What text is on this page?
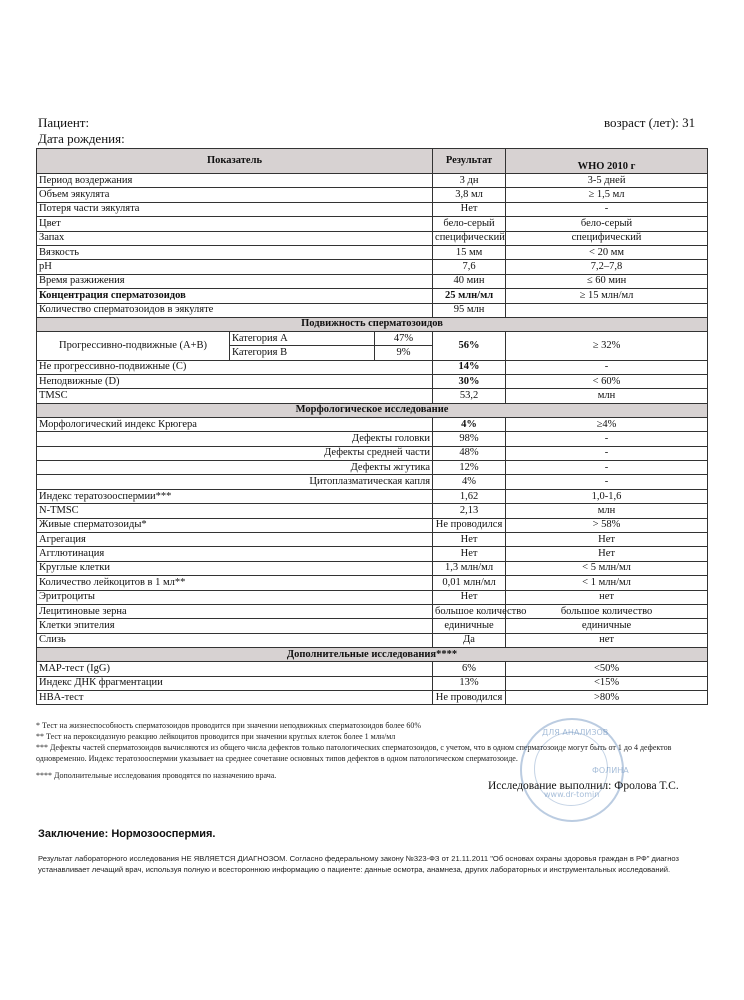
Пациент:	возраст (лет): 31
Дата рождения:
Показатель			Результат	WHO 2010 г
Период воздержания			3 дн	3-5 дней
Объем эякулята			3,8 мл	≥ 1,5 мл
Потеря части эякулята			Нет	-
Цвет			бело-серый	бело-серый
Запах			специфический	специфический
Вязкость			15 мм	< 20 мм
pH			7,6	7,2–7,8
Время разжижения			40 мин	≤ 60 мин
Концентрация сперматозоидов			25 млн/мл	≥ 15 млн/мл
Количество сперматозоидов в эякуляте			95 млн	
Подвижность сперматозоидов				
Прогрессивно-подвижные (А+В)	Категория А	47%	56%	≥ 32%
	Категория В	9%		
Не прогрессивно-подвижные (С)			14%	-
Неподвижные (D)			30%	< 60%
TMSC			53,2	млн
Морфологическое исследование				
Морфологический индекс Крюгера			4%	≥4%
Дефекты головки			98%	-
Дефекты средней части			48%	-
Дефекты жгутика			12%	-
Цитоплазматическая капля			4%	-
Индекс тератозооспермии***			1,62	1,0-1,6
N-TMSC			2,13	млн
Живые сперматозоиды*			Не проводился	> 58%
Агрегация			Нет	Нет
Агглютинация			Нет	Нет
Круглые клетки			1,3 млн/мл	< 5 млн/мл
Количество лейкоцитов в 1 мл**			0,01 млн/мл	< 1 млн/мл
Эритроциты			Нет	нет
Лецитиновые зерна			большое количество	большое количество
Клетки эпителия			единичные	единичные
Слизь			Да	нет
Дополнительные исследования****				
MAP-тест (IgG)			6%	<50%
Индекс ДНК фрагментации			13%	<15%
HBA-тест			Не проводился	>80%

* Тест на жизнеспособность сперматозоидов проводится при значении неподвижных сперматозоидов более 60%

** Тест на пероксидазную реакцию лейкоцитов проводится при значении круглых клеток более 1 млн/мл

*** Дефекты частей сперматозоидов вычисляются из общего числа дефектов только патологических сперматозоидов, с учетом, что в одном сперматозоиде могут быть от 1 до 4 дефектов одновременно. Индекс тератозооспермии указывает на среднее сочетание основных типов дефектов в одном патологическом сперматозоиде.

**** Дополнительные исследования проводятся по назначению врача.

ДЛЯ АНАЛИЗОВ
ФОЛИНА
www.dr-tomin
Исследование выполнил: Фролова Т.С.
Заключение: Нормозооспермия.
Результат лабораторного исследования НЕ ЯВЛЯЕТСЯ ДИАГНОЗОМ. Согласно федеральному закону №323-ФЗ от 21.11.2011 "Об основах охраны здоровья граждан в РФ" диагноз устанавливает лечащий врач, используя полную и всестороннюю информацию о пациенте: данные осмотра, анамнеза, других лабораторных и инструментальных исследований.
